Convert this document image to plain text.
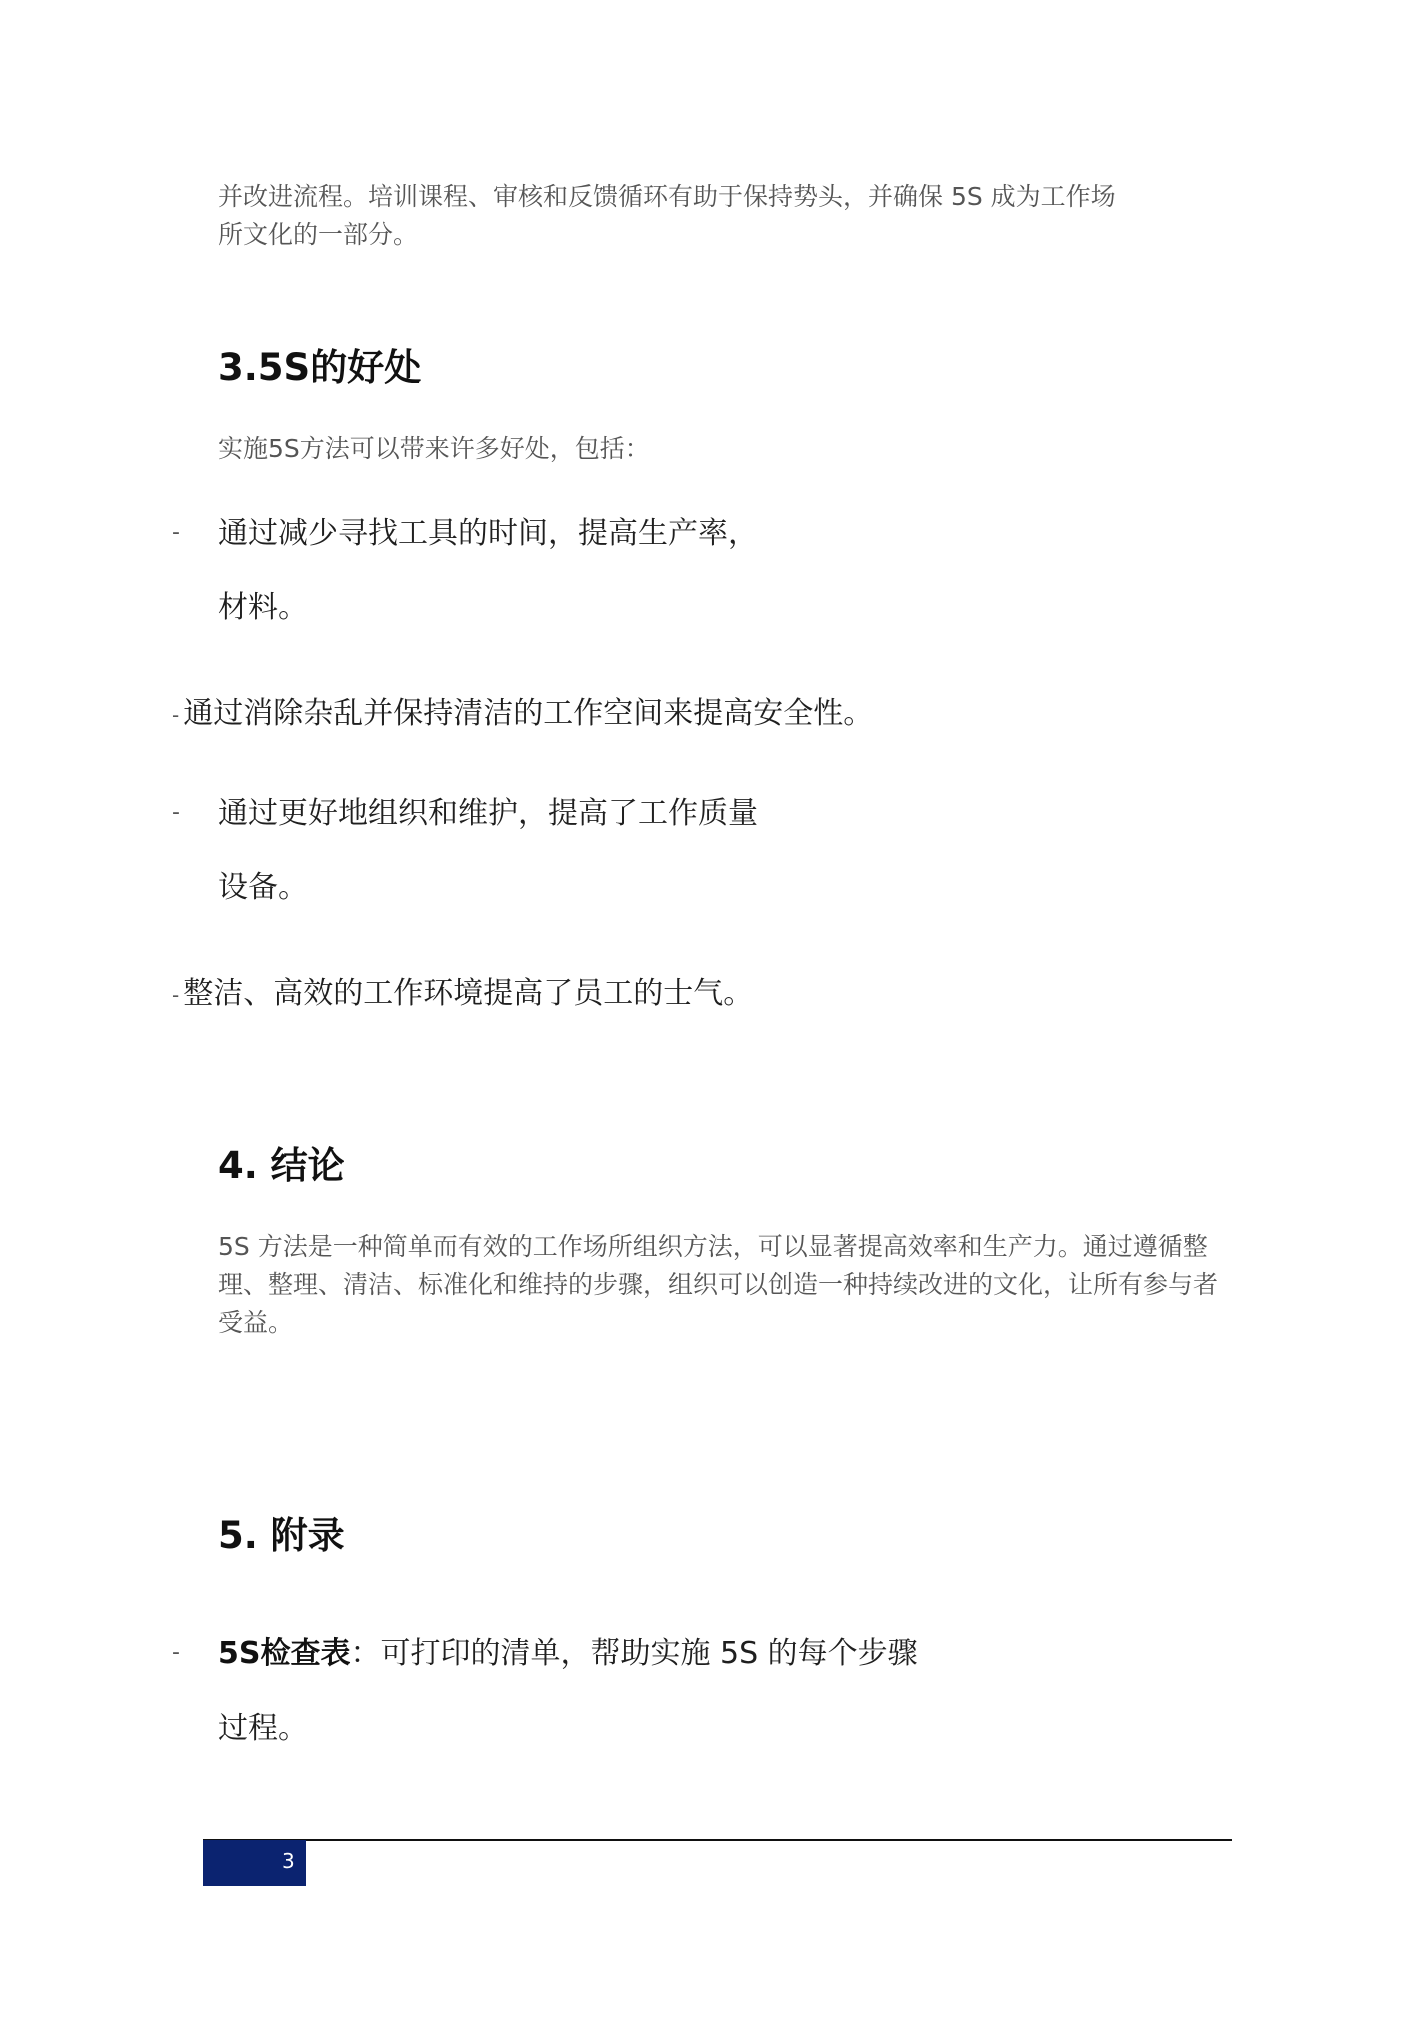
并改进流程。培训课程、审核和反馈循环有助于保持势头，并确保 5S 成为工作场
所文化的一部分。
3.5S的好处
实施5S方法可以带来许多好处，包括：
- 通过减少寻找工具的时间，提高生产率，
材料。
- 通过消除杂乱并保持清洁的工作空间来提高安全性。
- 通过更好地组织和维护，提高了工作质量
设备。
- 整洁、高效的工作环境提高了员工的士气。
4. 结论
5S 方法是一种简单而有效的工作场所组织方法，可以显著提高效率和生产力。通过遵循整理、整理、清洁、标准化和维持的步骤，组织可以创造一种持续改进的文化，让所有参与者受益。
5. 附录
- 5S检查表：可打印的清单，帮助实施 5S 的每个步骤
过程。
3
